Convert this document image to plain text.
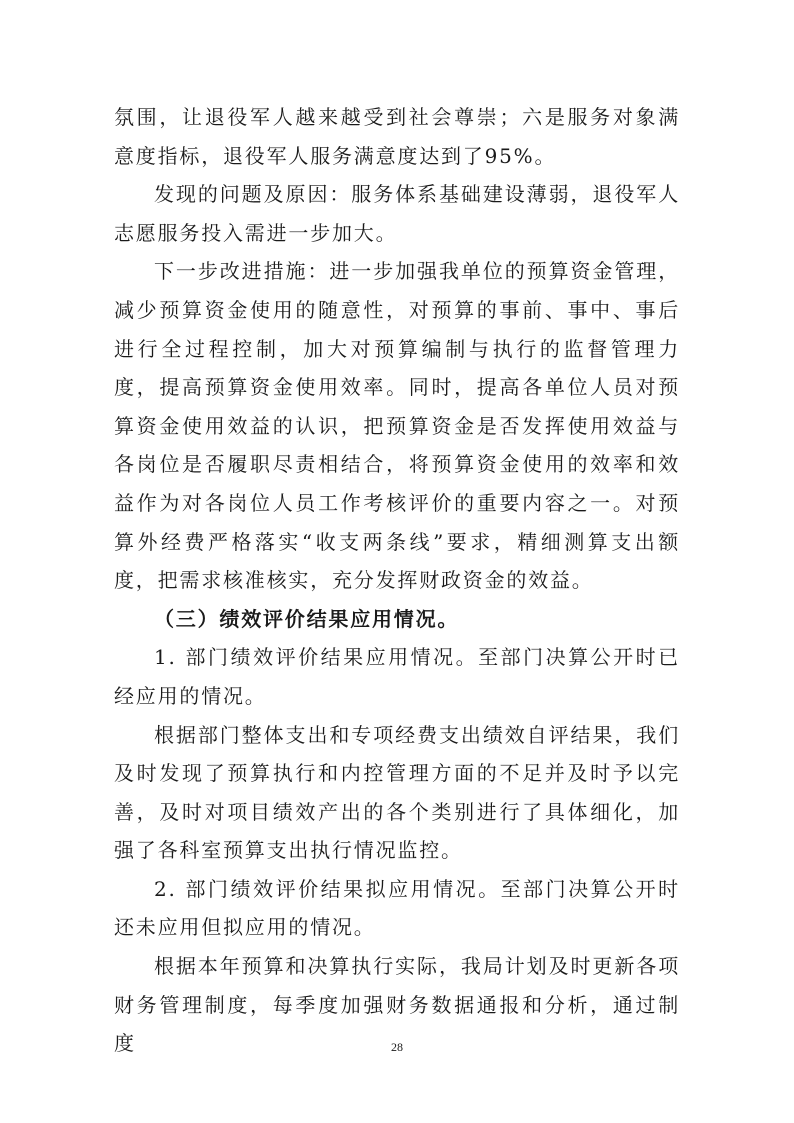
氛围，让退役军人越来越受到社会尊崇；六是服务对象满意度指标，退役军人服务满意度达到了95%。

发现的问题及原因：服务体系基础建设薄弱，退役军人志愿服务投入需进一步加大。

下一步改进措施：进一步加强我单位的预算资金管理，减少预算资金使用的随意性，对预算的事前、事中、事后进行全过程控制，加大对预算编制与执行的监督管理力度，提高预算资金使用效率。同时，提高各单位人员对预算资金使用效益的认识，把预算资金是否发挥使用效益与各岗位是否履职尽责相结合，将预算资金使用的效率和效益作为对各岗位人员工作考核评价的重要内容之一。对预算外经费严格落实“收支两条线”要求，精细测算支出额度，把需求核准核实，充分发挥财政资金的效益。

（三）绩效评价结果应用情况。

1. 部门绩效评价结果应用情况。至部门决算公开时已经应用的情况。

根据部门整体支出和专项经费支出绩效自评结果，我们及时发现了预算执行和内控管理方面的不足并及时予以完善，及时对项目绩效产出的各个类别进行了具体细化，加强了各科室预算支出执行情况监控。

2. 部门绩效评价结果拟应用情况。至部门决算公开时还未应用但拟应用的情况。

根据本年预算和决算执行实际，我局计划及时更新各项财务管理制度，每季度加强财务数据通报和分析，通过制度	28
